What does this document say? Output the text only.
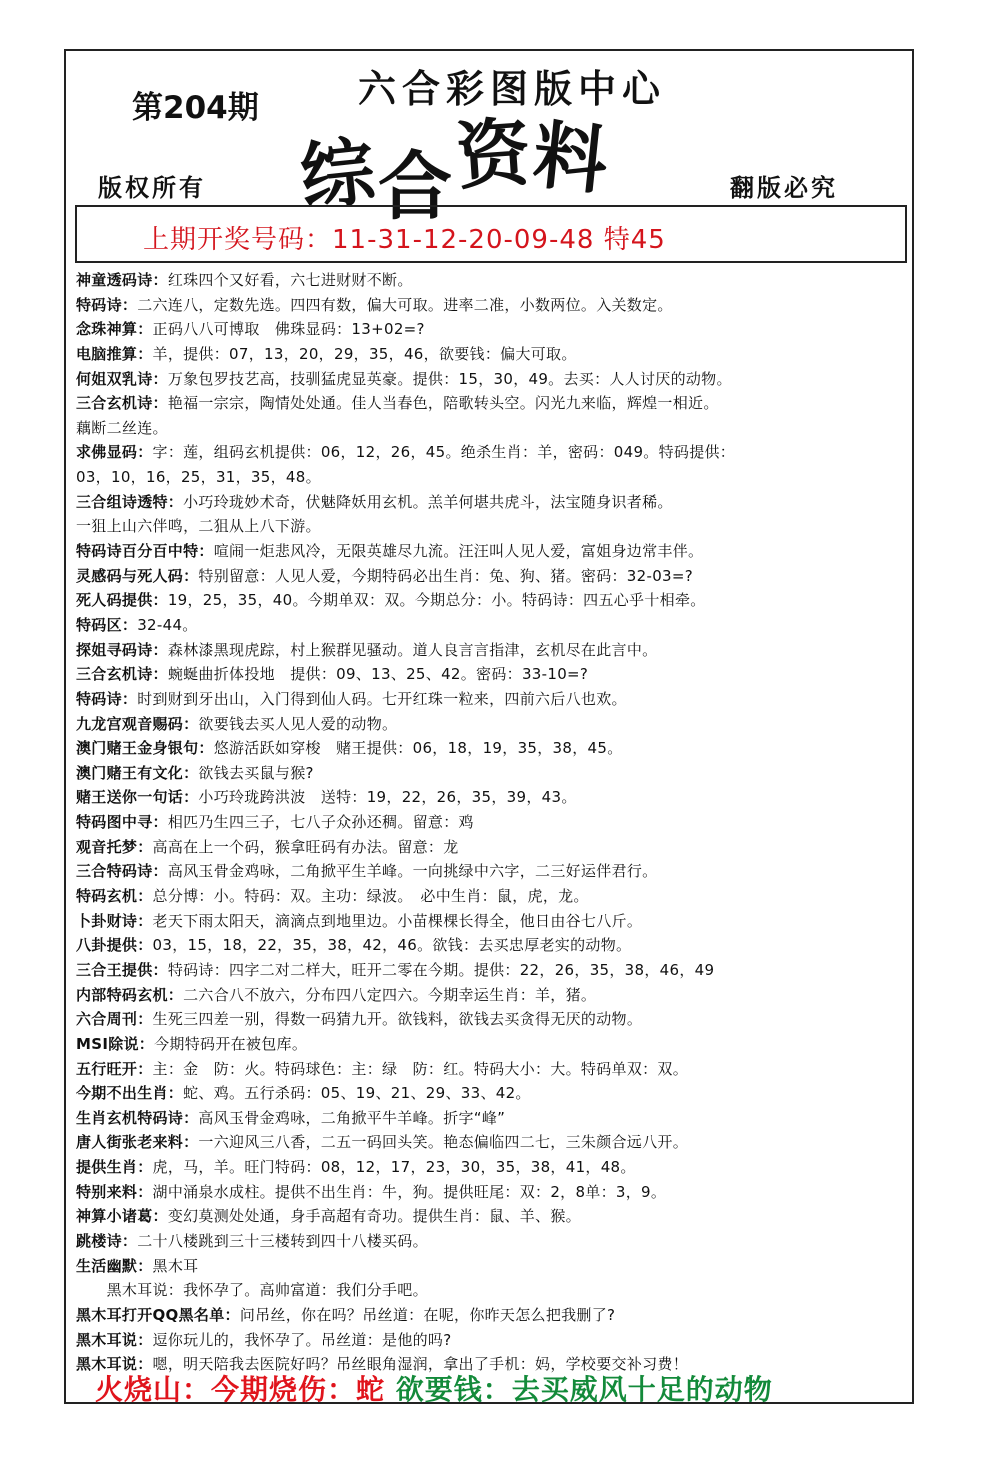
第204期	六合彩图版中心
综合资料
版权所有	翻版必究
上期开奖号码：11-31-12-20-09-48 特45
神童透码诗：红珠四个又好看，六七进财财不断。
特码诗：二六连八，定数先选。四四有数，偏大可取。进率二准，小数两位。入关数定。
念珠神算：正码八八可博取　佛珠显码：13+02=?
电脑推算：羊，提供：07，13，20，29，35，46，欲要钱：偏大可取。
何姐双乳诗：万象包罗技艺高，技驯猛虎显英豪。提供：15，30，49。去买：人人讨厌的动物。
三合玄机诗：艳福一宗宗，陶情处处通。佳人当春色，陪歌转头空。闪光九来临，辉煌一相近。
藕断二丝连。
求佛显码：字：莲，组码玄机提供：06，12，26，45。绝杀生肖：羊，密码：049。特码提供：
03，10，16，25，31，35，48。
三合组诗透特：小巧玲珑妙术奇，伏魅降妖用玄机。羔羊何堪共虎斗，法宝随身识者稀。
一狙上山六伴鸣，二狙从上八下游。
特码诗百分百中特：喧闹一炬悲风冷，无限英雄尽九流。汪汪叫人见人爱，富姐身边常丰伴。
灵感码与死人码：特别留意：人见人爱，今期特码必出生肖：兔、狗、猪。密码：32-03=?
死人码提供：19，25，35，40。今期单双：双。今期总分：小。特码诗：四五心乎十相牵。
特码区：32-44。
探姐寻码诗：森林漆黑现虎踪，村上猴群见骚动。道人良言言指津，玄机尽在此言中。
三合玄机诗：蜿蜒曲折体投地　提供：09、13、25、42。密码：33-10=?
特码诗：时到财到牙出山，入门得到仙人码。七开红珠一粒来，四前六后八也欢。
九龙宫观音赐码：欲要钱去买人见人爱的动物。
澳门赌王金身银句：悠游活跃如穿梭　赌王提供：06，18，19，35，38，45。
澳门赌王有文化：欲钱去买鼠与猴?
赌王送你一句话：小巧玲珑跨洪波　送特：19，22，26，35，39，43。
特码图中寻：相匹乃生四三子，七八子众孙还稠。留意：鸡
观音托梦：高高在上一个码，猴拿旺码有办法。留意：龙
三合特码诗：高风玉骨金鸡咏，二角掀平生羊峰。一向挑绿中六字，二三好运伴君行。
特码玄机：总分博：小。特码：双。主功：绿波。　必中生肖：鼠，虎，龙。
卜卦财诗：老天下雨太阳天，滴滴点到地里边。小苗棵棵长得全，他日由谷七八斤。
八卦提供：03，15，18，22，35，38，42，46。欲钱：去买忠厚老实的动物。
三合王提供：特码诗：四字二对二样大，旺开二零在今期。提供：22，26，35，38，46，49
内部特码玄机：二六合八不放六，分布四八定四六。今期幸运生肖：羊，猪。
六合周刊：生死三四差一别，得数一码猜九开。欲钱料，欲钱去买贪得无厌的动物。
MSI除说：今期特码开在被包库。
五行旺开：主：金　防：火。特码球色：主：绿　防：红。特码大小：大。特码单双：双。
今期不出生肖：蛇、鸡。五行杀码：05、19、21、29、33、42。
生肖玄机特码诗：高风玉骨金鸡咏，二角掀平牛羊峰。折字“峰”
唐人街张老来料：一六迎风三八香，二五一码回头笑。艳态偏临四二七，三朱颜合远八开。
提供生肖：虎，马，羊。旺门特码：08，12，17，23，30，35，38，41，48。
特别来料：湖中涌泉水成柱。提供不出生肖：牛，狗。提供旺尾：双：2，8单：3，9。
神算小诸葛：变幻莫测处处通，身手高超有奇功。提供生肖：鼠、羊、猴。
跳楼诗：二十八楼跳到三十三楼转到四十八楼买码。
生活幽默：黑木耳
　　黑木耳说：我怀孕了。高帅富道：我们分手吧。
黑木耳打开QQ黑名单：问吊丝，你在吗？吊丝道：在呢，你昨天怎么把我删了?
黑木耳说：逗你玩儿的，我怀孕了。吊丝道：是他的吗?
黑木耳说：嗯，明天陪我去医院好吗？吊丝眼角湿润，拿出了手机：妈，学校要交补习费！
火烧山：今期烧伤：蛇 欲要钱：去买威风十足的动物
